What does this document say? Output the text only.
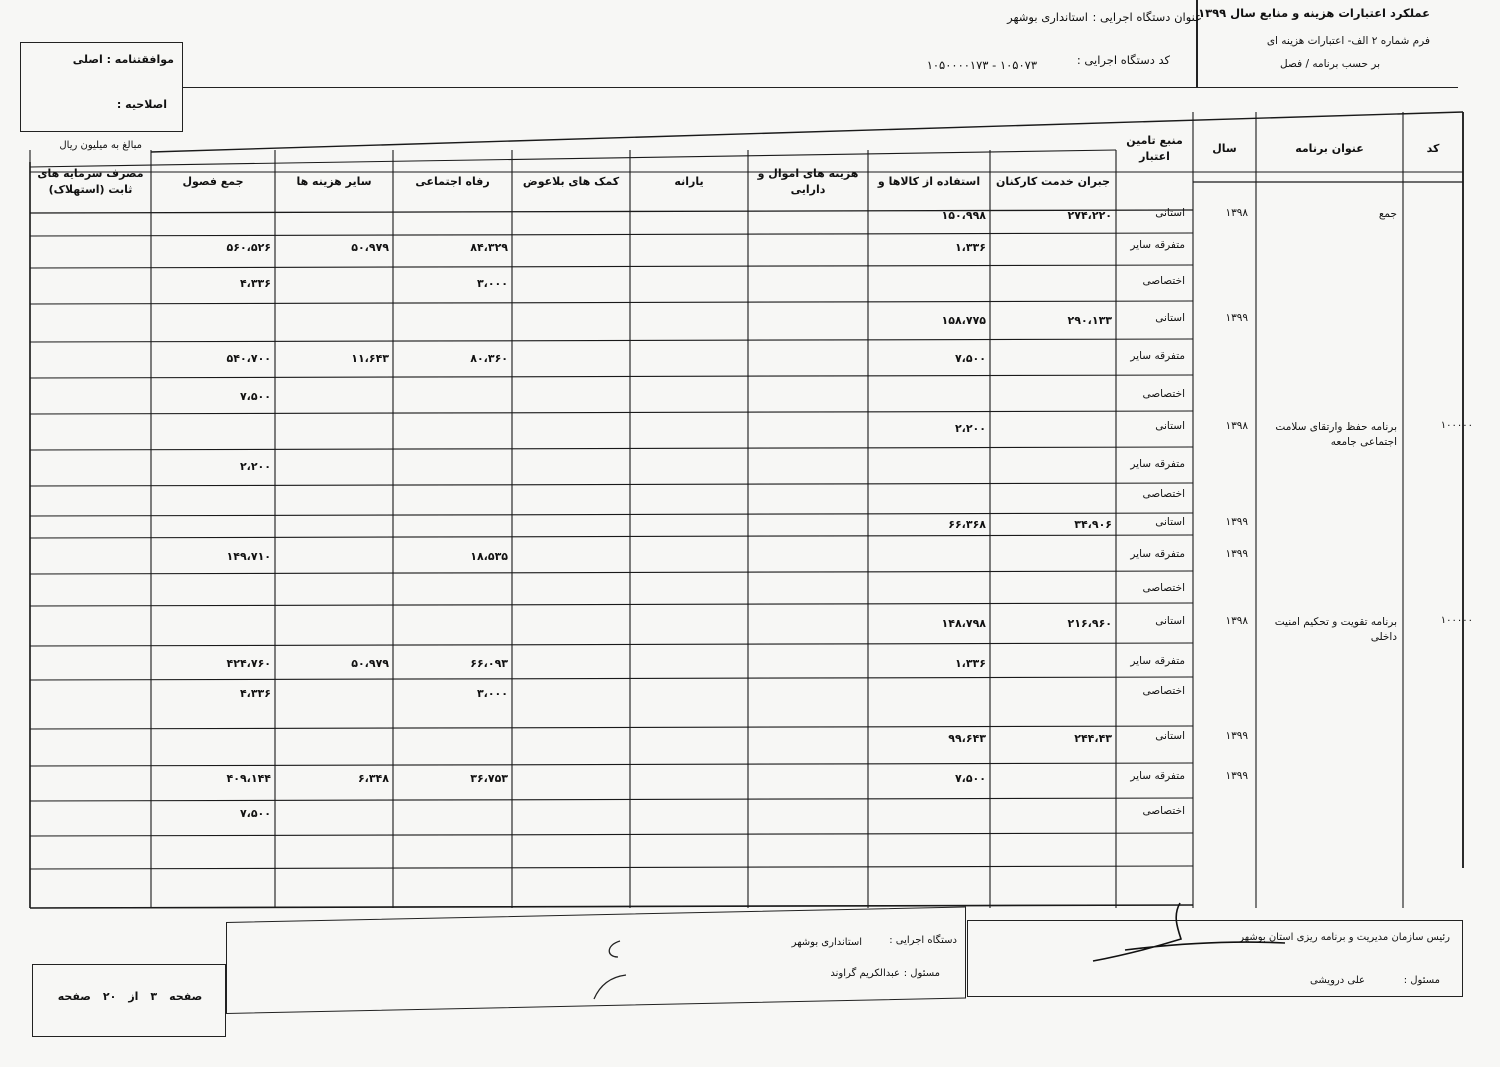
عملکرد اعتبارات هزینه و منابع سال ۱۳۹۹
فرم شماره ۲ الف- اعتبارات هزینه ای
بر حسب برنامه / فصل
عنوان دستگاه اجرایی :
استانداری بوشهر
کد دستگاه اجرایی :
۱۰۵۰۷۳ - ۱۰۵۰۰۰۰۱۷۳
موافقتنامه : اصلی
اصلاحیه :
مبالغ به میلیون ریال	کد
عنوان برنامه
سال
منبع تامین اعتبار
جبران خدمت کارکنان
استفاده از کالاها و
هزینه های اموال و دارایی
یارانه
کمک های بلاعوض
رفاه اجتماعی
سایر هزینه ها
جمع فصول
مصرف سرمایه های ثابت (استهلاک)
جمع
۱۳۹۸
استانی
۲۷۴،۲۲۰
۱۵۰،۹۹۸
متفرقه سایر
۱،۳۳۶
۸۴،۳۲۹
۵۰،۹۷۹
۵۶۰،۵۲۶
اختصاصی
۳،۰۰۰
۴،۳۳۶
۱۳۹۹
استانی
۲۹۰،۱۳۳
۱۵۸،۷۷۵
متفرقه سایر
۷،۵۰۰
۸۰،۳۶۰
۱۱،۶۴۳
۵۴۰،۷۰۰
اختصاصی
۷،۵۰۰
۱۰۰۰۰۰
برنامه حفظ وارتقای سلامت اجتماعی جامعه
۱۳۹۸
استانی
۲،۲۰۰
متفرقه سایر
۲،۲۰۰
اختصاصی
۱۳۹۹
استانی
۳۴،۹۰۶
۶۶،۳۶۸
۱۳۹۹
متفرقه سایر
۱۸،۵۳۵
۱۴۹،۷۱۰
اختصاصی
۱۰۰۰۰۰
برنامه تقویت و تحکیم امنیت داخلی
۱۳۹۸
استانی
۲۱۶،۹۶۰
۱۴۸،۷۹۸
متفرقه سایر
۱،۳۳۶
۶۶،۰۹۳
۵۰،۹۷۹
۴۲۴،۷۶۰
اختصاصی
۳،۰۰۰
۴،۳۳۶
۱۳۹۹
استانی
۲۴۴،۴۳
۹۹،۶۴۳
۱۳۹۹
متفرقه سایر
۷،۵۰۰
۳۶،۷۵۳
۶،۳۴۸
۴۰۹،۱۴۴
اختصاصی
۷،۵۰۰
رئیس سازمان مدیریت و برنامه ریزی استان بوشهر
مسئول :
علی درویشی
دستگاه اجرایی :
استانداری بوشهر
مسئول :
عبدالکریم گراوند
صفحه
۳
از
۲۰
صفحه
